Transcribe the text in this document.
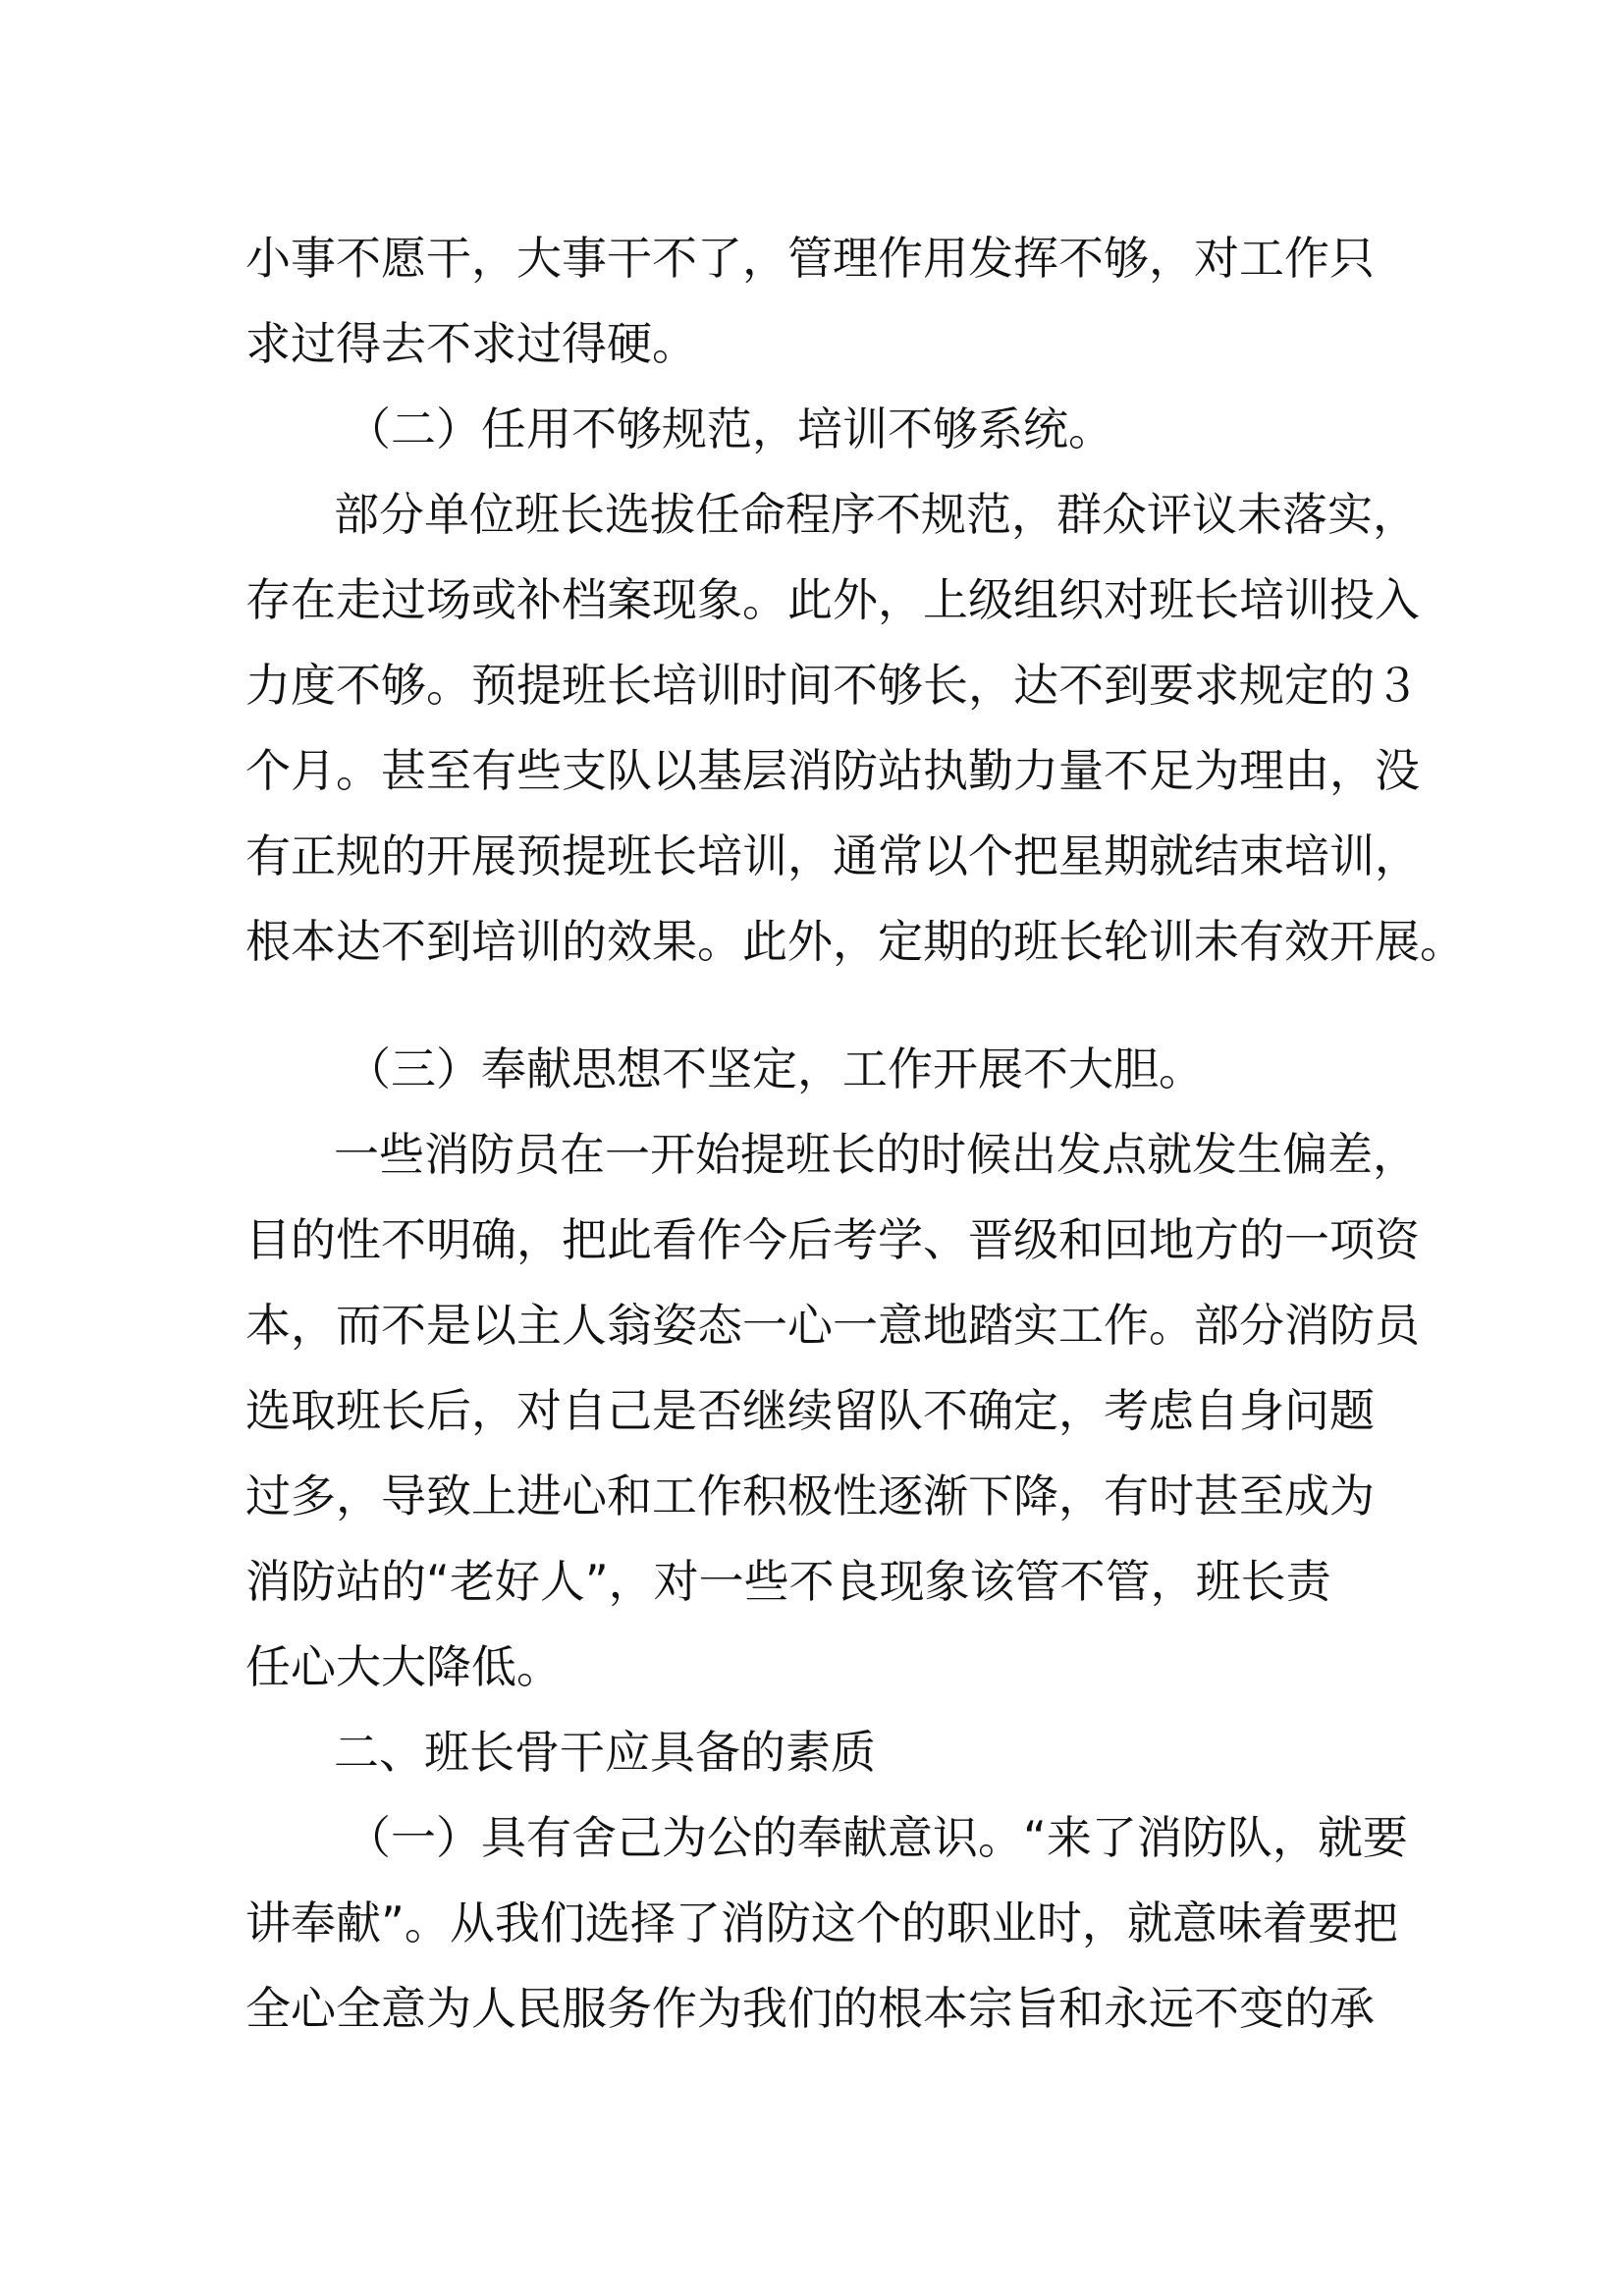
小事不愿干，大事干不了，管理作用发挥不够，对工作只
求过得去不求过得硬。
（二）任用不够规范，培训不够系统。
部分单位班长选拔任命程序不规范，群众评议未落实，
存在走过场或补档案现象。此外，上级组织对班长培训投入
力度不够。预提班长培训时间不够长，达不到要求规定的３
个月。甚至有些支队以基层消防站执勤力量不足为理由，没
有正规的开展预提班长培训，通常以个把星期就结束培训，
根本达不到培训的效果。此外，定期的班长轮训未有效开展。
（三）奉献思想不坚定，工作开展不大胆。
一些消防员在一开始提班长的时候出发点就发生偏差，
目的性不明确，把此看作今后考学、晋级和回地方的一项资
本，而不是以主人翁姿态一心一意地踏实工作。部分消防员
选取班长后，对自己是否继续留队不确定，考虑自身问题
过多，导致上进心和工作积极性逐渐下降，有时甚至成为
消防站的“老好人”，对一些不良现象该管不管，班长责
任心大大降低。
二、班长骨干应具备的素质
（一）具有舍己为公的奉献意识。“来了消防队，就要
讲奉献”。从我们选择了消防这个的职业时，就意味着要把
全心全意为人民服务作为我们的根本宗旨和永远不变的承
